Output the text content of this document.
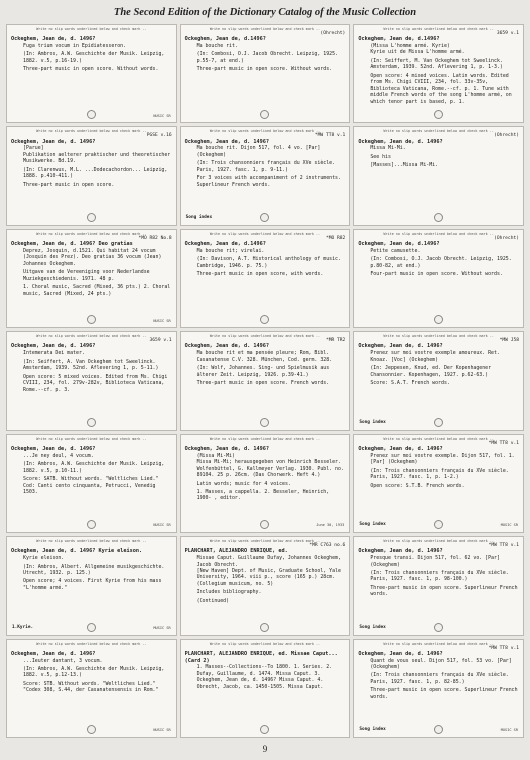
The Second Edition of the Dictionary Catalog of the Music Collection
Write no slip words underlined below and check mark --
Ockeghem, Jean de, d. 1496?
Fuga trium vocum in Epidiatesseron.
(In: Ambros, A.W. Geschichte der Musik. Leipzig, 1882. v.5, p.16-19.)
Three-part music in open score. Without words.
NUSIC SR
Write no slip words underlined below and check mark --
(Ohrecht)
Ockeghem, Jean de, d.1496?
Ma bouche rit.
(In: Combosi, O.J. Jacob Obrecht. Leipzig, 1925. p.55-7, at end.)
Three-part music in open score. Without words.
Write no slip words underlined below and check mark --
3659 v.1
Ockeghem, Jean de, d.1496?
(Missa L'homme armé. Kyrie)
Kyrie uit de Missa L'homme armé.
(In: Seiffert, M. Van Ockeghem tot Sweelinck. Amsterdam, 1939. 52nd. Aflevering 1, p. 1-3.)
Open score: 4 mixed voices. Latin words. Edited from Ms. Chigi CVIII, 234, fol. 33v-35v, Biblioteca Vaticana, Rome.--cf. p. 1. Tune with middle French words of the song L'homme armé, on which tenor part is based, p. 1.
Write no slip words underlined below and check mark --
PGSE v.16
Ockeghem, Jean de, d. 1496?
[Parue]
Publikation aelterer praktischer und theoretischer Musikwerke. Bd.19.
(In: Clarenwus, M.L. ...Dodecachordon... Leipzig, 1888. p.410-411.)
Three-part music in open score.
Write no slip words underlined below and check mark --
*MW TT8 v.1
Ockeghem, Jean de, d. 1496?
Ma bouche rit. Dijon 517, fol. 4 vo. [Par] (Ockeghem)
(In: Trois chansonniers français du XVe siècle. Paris, 1927. fasc. 1, p. 9-11.)
For 3 voices with accompaniment of 2 instruments. Superlineur French words.
Song index
Write no slip words underlined below and check mark --
(Ohrecht)
Ockeghem, Jean de, d. 1496?
Missa Mi-Mi.
See his
[Masses]...Missa Mi-Mi.
Write no slip words underlined below and check mark --
*MO R82 No.8
Ockeghem, Jean de, d. 1496? Deo gratias
Deprez, Josquin, d.1521. Qui habitat 24 vocum (Josquin des Prez). Deo gratias 36 vocum (Jean) Johannes Ockeghem.
Uitgave van de Vereeniging voor Nederlandse Muziekgeschiedenis. 1971. 48 p.
1. Choral music, Sacred (Mixed, 36 pts.) 2. Choral music, Sacred (Mixed, 24 pts.)
NUSIC SR
Write no slip words underlined below and check mark --
*MO R82
Ockeghem, Jean de, d.1496?
Ma bouche rit; virelai.
(In: Davison, A.T. Historical anthology of music. Cambridge, 1946. p. 75.)
Three-part music in open score, with words.
Write no slip words underlined below and check mark --
(Ohrecht)
Ockeghem, Jean de, d.1496?
Petite camusette.
(In: Combosi, O.J. Jacob Obrecht. Leipzig, 1925. p.80-82, at end.)
Four-part music in open score. Without words.
Write no slip words underlined below and check mark --
3659 v.1
Ockeghem, Jean de, d. 1496?
Intemerata Dei mater.
(In: Seiffert, A. Van Ockeghem tot Sweelinck. Amsterdam, 1939. 52nd. Aflevering 1, p. 5-11.)
Open score: 5 mixed voices. Edited from Ms. Chigi CVIII, 234, fol. 279v-282v, Biblioteca Vaticana, Rome.--cf. p. 3.
Write no slip words underlined below and check mark --
*MR TR2
Ockeghem, Jean de, d. 1496?
Ma bouche rit et ma pensée pleure; Rom, Bibl. Casanatense C.V. 328. München, Cod. germ. 328.
(In: Wolf, Johannes. Sing- und Spielmusik aus älterer Zeit. Leipzig, 1926. p.39-41.)
Three-part music in open score. French words.
Write no slip words underlined below and check mark --
*MW J58
Ockeghem, Jean de, d. 1496?
Prenez sur moi vostre exemple amoureux. Ret. Knoaz. [Voc] (Ockeghem)
(In: Jeppesen, Knud, ed. Der Kopenhagener Chansonnier. Kopenhagen, 1927. p.62-63.)
Score: S.A.T. French words.
Song index
Write no slip words underlined below and check mark --
Ockeghem, Jean de, d. 1496?
...Je ney deul, 4 vocum.
(In: Ambros, A.W. Geschichte der Musik. Leipzig, 1882. v.5, p.10-11.)
Score: SATB. Without words. "Weltliches Lied." Cod: Canti cento cinquanta, Petrucci, Venedig 1503.
NUSIC SR
Write no slip words underlined below and check mark --
Ockeghem, Jean de, d. 1496?
(Missa Mi-Mi)
Missa Mi-Mi; herausgegeben von Heinrich Besseler. Wolfenbüttel, G. Kallmeyer Verlag. 1930. Publ. no. 89104. 25 p. 26cm. (Das Chorwerk. Heft 4.)
Latin words; music for 4 voices.
1. Masses, a cappella. 2. Besseler, Heinrich, 1900- , editor.
June 30, 1933
Write no slip words underlined below and check mark --
*MW TT8 v.1
Ockeghem, Jean de, d. 1496?
Prenez sur moi vostre exemple. Dijon 517, fol. 1. [Par] (Ockeghem)
(In: Trois chansonniers français du XVe siècle. Paris, 1927. fasc. 1, p. 1-2.)
Open score: S.T.B. French words.
Song index	MUSIC SR
Write no slip words underlined below and check mark --
Ockeghem, Jean de, d. 1496? Kyrie eleison.
Kyrie eleison.
(In: Ambros, Albert. Allgemeine musikgeschichte. Utrecht, 1932. p. 125.)
Open score; 4 voices. First Kyrie from his mass "L'homme armé."
1.Kyrie.	MUSIC SR
Write no slip words underlined below and check mark --
*MR C763 no.6
PLANCHART, ALEJANDRO ENRIQUE, ed.
Missae Caput. Guillaume Dufay, Johannes Ockeghem, Jacob Obrecht.
[New Haven] Dept. of Music, Graduate School, Yale University, 1964. viii p., score (165 p.) 28cm. (Collegium musicum, no. 5)
Includes bibliography.
(Continued)
Write no slip words underlined below and check mark --
*MW TT8 v.1
Ockeghem, Jean de, d. 1496?
Presque transi. Dijon 517, fol. 62 vo. [Par] (Ockeghem)
(In: Trois chansonniers français du XVe siècle. Paris, 1927. fasc. 1, p. 98-100.)
Three-part music in open score. Superlineur French words.
Song index
Write no slip words underlined below and check mark --
Ockeghem, Jean de, d. 1496?
...Ieuter dantant, 3 vocum.
(In: Ambros, A.W. Geschichte der Musik. Leipzig, 1882. v.5, p.12-13.)
Score: STB. Without words. "Weltliches Lied." "Codex 308, S.44, der Casanatensensis in Rom."
NUSIC SR
Write no slip words underlined below and check mark --
PLANCHART, ALEJANDRO ENRIQUE, ed. Missae Caput... (Card 2)
1. Masses--Collections--To 1800. 1. Series. 2. Dufay, Guillaume, d. 1474. Missa Caput. 3. Ockeghem, Jean de, d. 1496? Missa Caput. 4. Obrecht, Jacob, ca. 1450-1505. Missa Caput.
Write no slip words underlined below and check mark --
*MW TT8 v.1
Ockeghem, Jean de, d. 1496?
Quant de vous seul. Dijon 517, fol. 53 vo. [Par] (Ockeghem)
(In: Trois chansonniers français du XVe siècle. Paris, 1927. fasc. 1, p. 82-85.)
Three-part music in open score. Superlineur French words.
Song index	MUSIC SR
9
